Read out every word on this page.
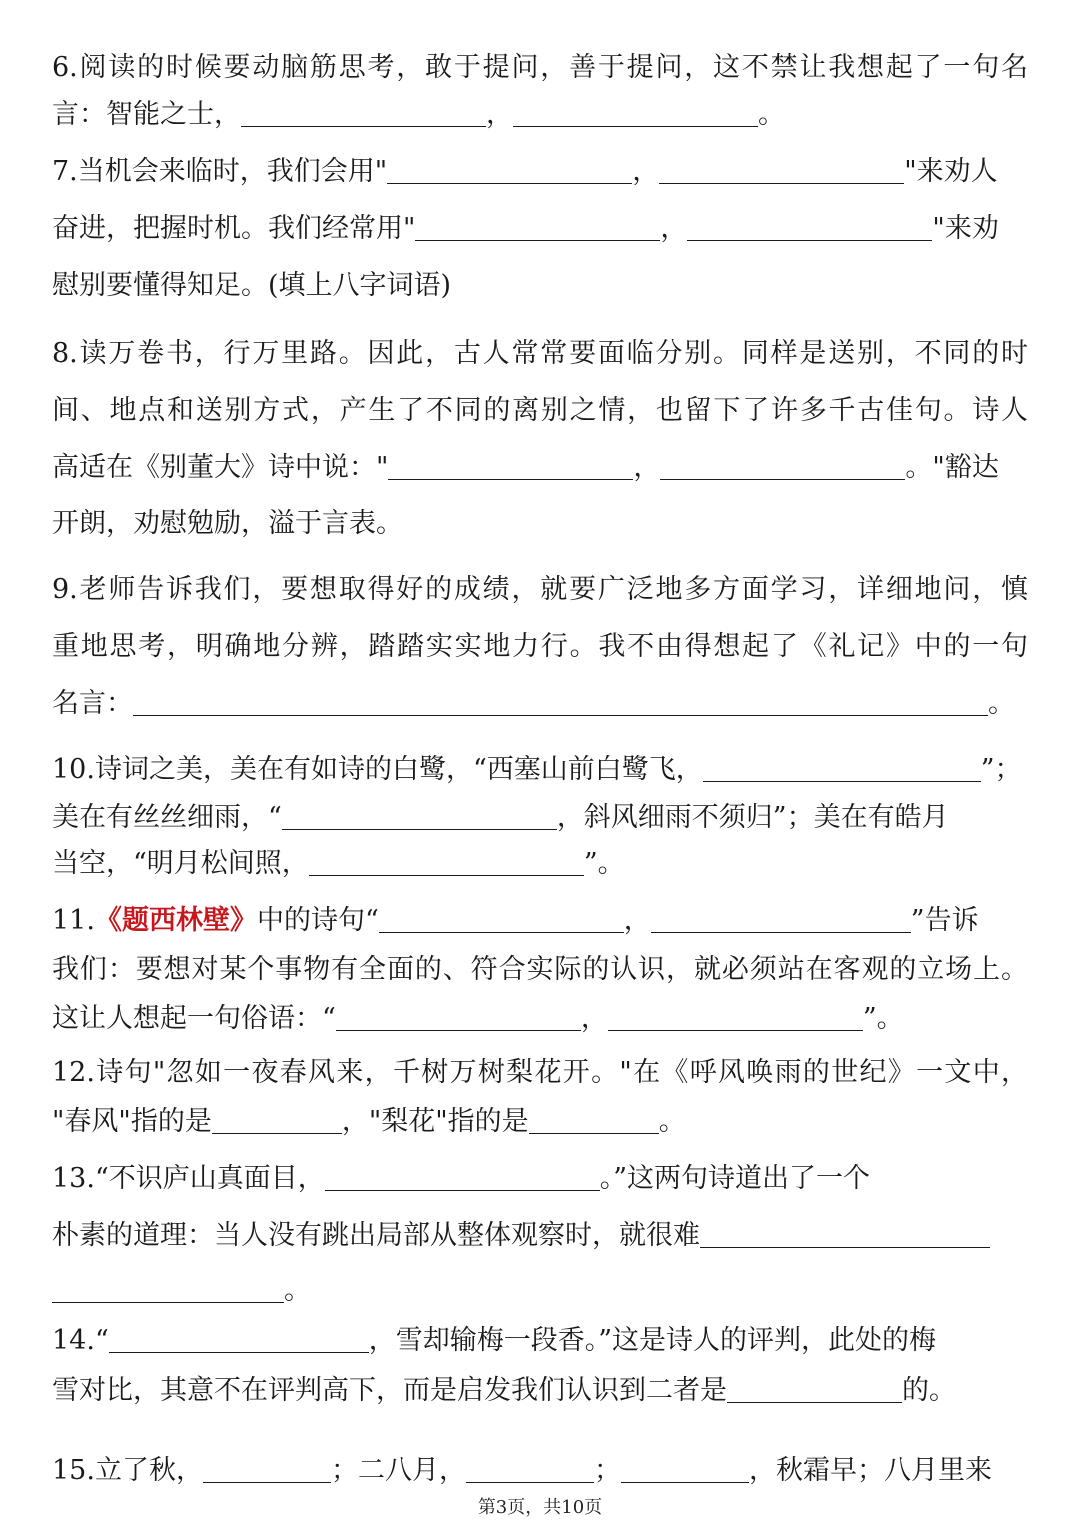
6.阅读的时候要动脑筋思考，敢于提问，善于提问，这不禁让我想起了一句名
言：智能之士，	，	。
7.当机会来临时，我们会用"	，	"来劝人
奋进，把握时机。我们经常用"	，	"来劝
慰别要懂得知足。(填上八字词语)
8.读万卷书，行万里路。因此，古人常常要面临分别。同样是送别，不同的时
间、地点和送别方式，产生了不同的离别之情，也留下了许多千古佳句。诗人
高适在《别董大》诗中说："	，	。"豁达
开朗，劝慰勉励，溢于言表。
9.老师告诉我们，要想取得好的成绩，就要广泛地多方面学习，详细地问，慎
重地思考，明确地分辨，踏踏实实地力行。我不由得想起了《礼记》中的一句
名言：	。
10.诗词之美，美在有如诗的白鹭，“西塞山前白鹭飞，	”；
美在有丝丝细雨，“	，斜风细雨不须归”；美在有皓月
当空，“明月松间照，	”。
11.《题西林壁》中的诗句“	，	”告诉
我们：要想对某个事物有全面的、符合实际的认识，就必须站在客观的立场上。
这让人想起一句俗语：“	，	”。
12.诗句"忽如一夜春风来，千树万树梨花开。"在《呼风唤雨的世纪》一文中，
"春风"指的是	，"梨花"指的是	。
13.“不识庐山真面目，	。”这两句诗道出了一个
朴素的道理：当人没有跳出局部从整体观察时，就很难
。
14.“	，雪却输梅一段香。”这是诗人的评判，此处的梅
雪对比，其意不在评判高下，而是启发我们认识到二者是	的。
15.立了秋，	；二八月，	；	，秋霜早；八月里来
第3页，共10页
